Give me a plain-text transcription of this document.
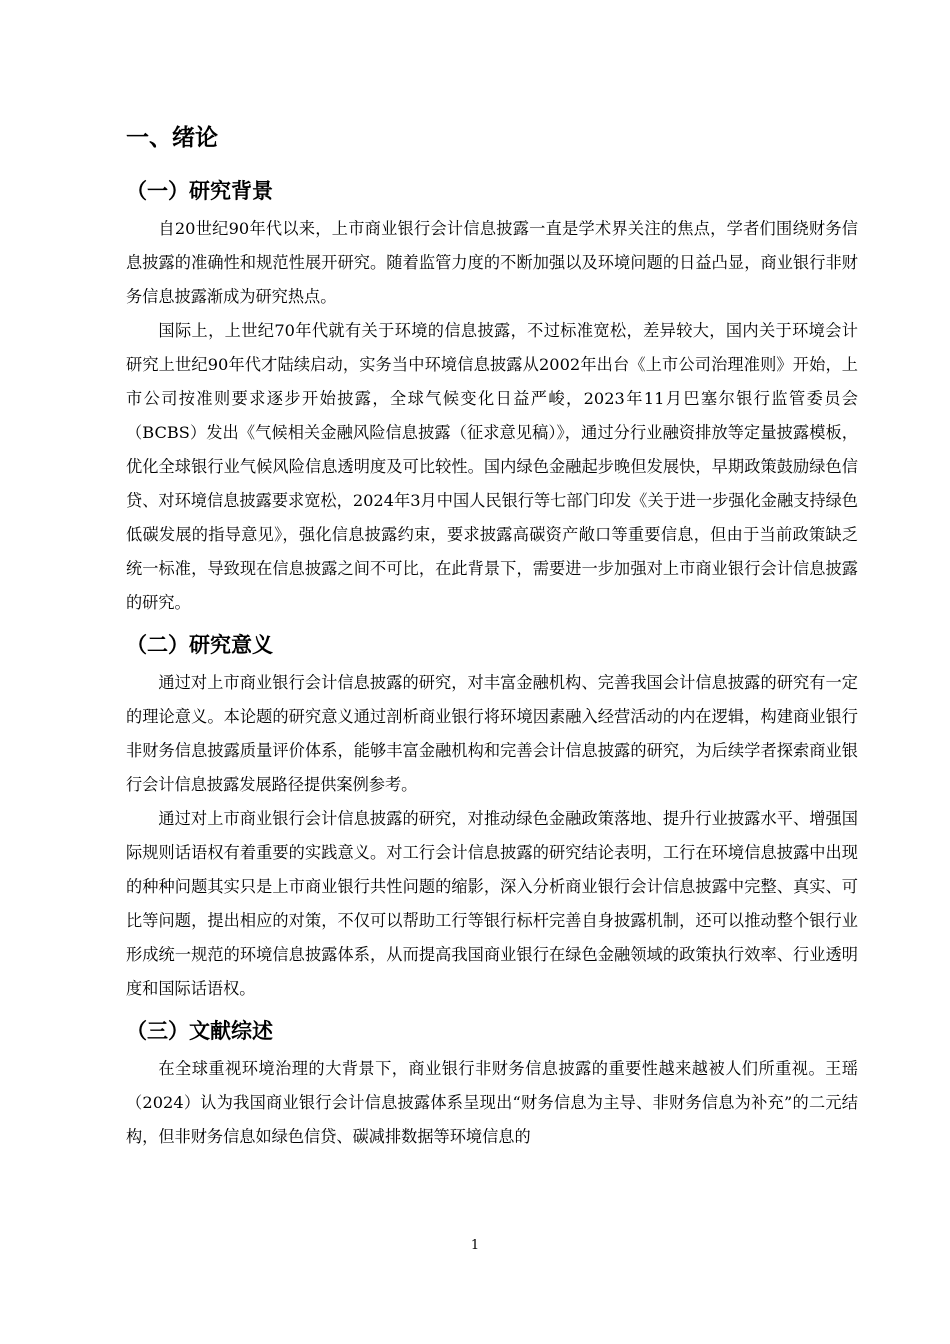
一、绪论
（一）研究背景

自20世纪90年代以来，上市商业银行会计信息披露一直是学术界关注的焦点，学者们围绕财务信息披露的准确性和规范性展开研究。随着监管力度的不断加强以及环境问题的日益凸显，商业银行非财务信息披露渐成为研究热点。

国际上，上世纪70年代就有关于环境的信息披露，不过标准宽松，差异较大，国内关于环境会计研究上世纪90年代才陆续启动，实务当中环境信息披露从2002年出台《上市公司治理准则》开始，上市公司按准则要求逐步开始披露，全球气候变化日益严峻，2023年11月巴塞尔银行监管委员会（BCBS）发出《气候相关金融风险信息披露（征求意见稿）》，通过分行业融资排放等定量披露模板，优化全球银行业气候风险信息透明度及可比较性。国内绿色金融起步晚但发展快，早期政策鼓励绿色信贷、对环境信息披露要求宽松，2024年3月中国人民银行等七部门印发《关于进一步强化金融支持绿色低碳发展的指导意见》，强化信息披露约束，要求披露高碳资产敞口等重要信息，但由于当前政策缺乏统一标准，导致现在信息披露之间不可比，在此背景下，需要进一步加强对上市商业银行会计信息披露的研究。

（二）研究意义

通过对上市商业银行会计信息披露的研究，对丰富金融机构、完善我国会计信息披露的研究有一定的理论意义。本论题的研究意义通过剖析商业银行将环境因素融入经营活动的内在逻辑，构建商业银行非财务信息披露质量评价体系，能够丰富金融机构和完善会计信息披露的研究，为后续学者探索商业银行会计信息披露发展路径提供案例参考。

通过对上市商业银行会计信息披露的研究，对推动绿色金融政策落地、提升行业披露水平、增强国际规则话语权有着重要的实践意义。对工行会计信息披露的研究结论表明，工行在环境信息披露中出现的种种问题其实只是上市商业银行共性问题的缩影，深入分析商业银行会计信息披露中完整、真实、可比等问题，提出相应的对策，不仅可以帮助工行等银行标杆完善自身披露机制，还可以推动整个银行业形成统一规范的环境信息披露体系，从而提高我国商业银行在绿色金融领域的政策执行效率、行业透明度和国际话语权。

（三）文献综述

在全球重视环境治理的大背景下，商业银行非财务信息披露的重要性越来越被人们所重视。王瑶（2024）认为我国商业银行会计信息披露体系呈现出“财务信息为主导、非财务信息为补充”的二元结构，但非财务信息如绿色信贷、碳减排数据等环境信息的

1
